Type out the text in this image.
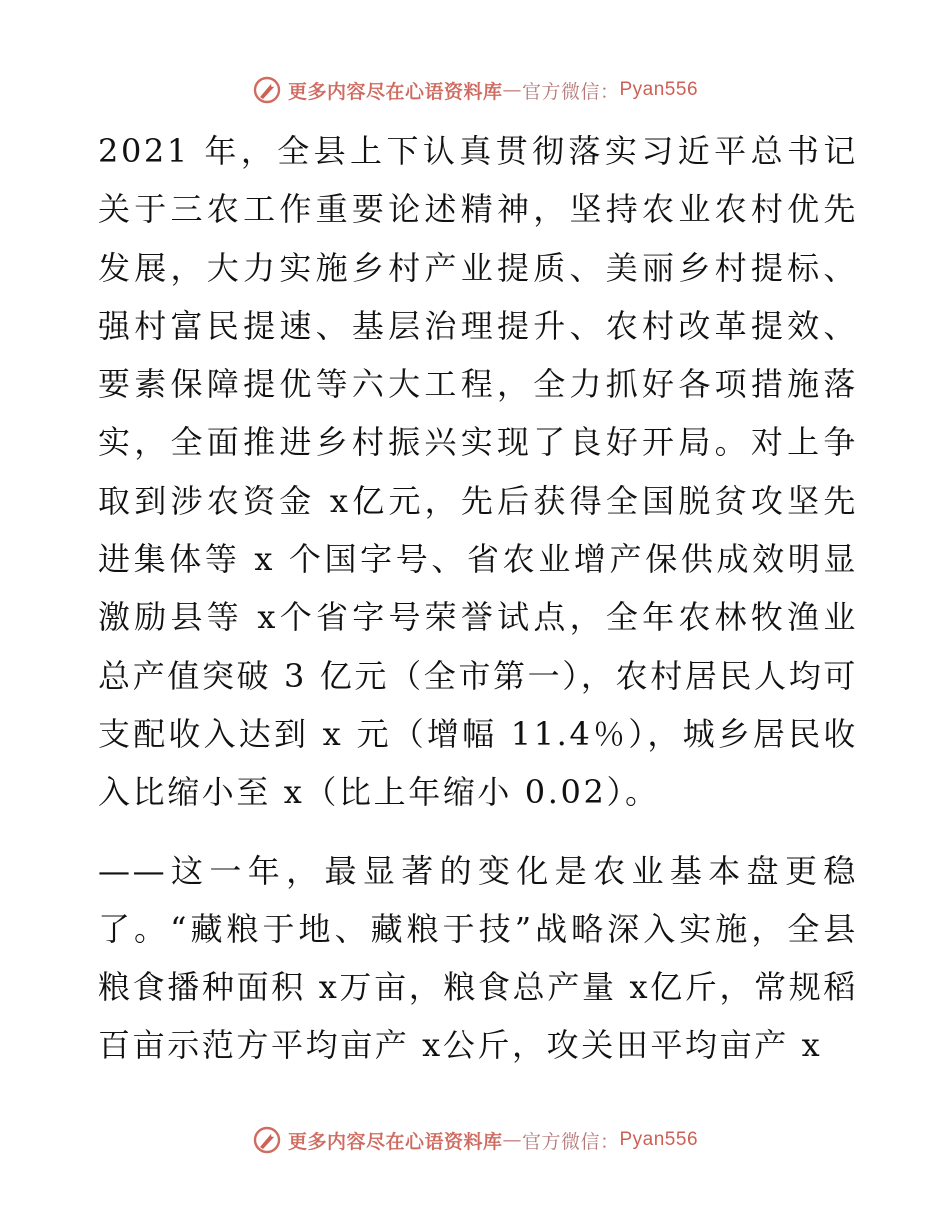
更多内容尽在心语资料库 — 官方微信： Pyan556

2021 年，全县上下认真贯彻落实习近平总书记关于三农工作重要论述精神，坚持农业农村优先发展，大力实施乡村产业提质、美丽乡村提标、强村富民提速、基层治理提升、农村改革提效、要素保障提优等六大工程，全力抓好各项措施落实，全面推进乡村振兴实现了良好开局。对上争取到涉农资金 x亿元，先后获得全国脱贫攻坚先进集体等 x 个国字号、省农业增产保供成效明显激励县等 x个省字号荣誉试点，全年农林牧渔业总产值突破 3 亿元（全市第一），农村居民人均可支配收入达到 x 元（增幅 11.4％），城乡居民收入比缩小至 x（比上年缩小 0.02）。

——这一年，最显著的变化是农业基本盘更稳了。“藏粮于地、藏粮于技”战略深入实施，全县粮食播种面积 x万亩，粮食总产量 x亿斤，常规稻百亩示范方平均亩产 x公斤，攻关田平均亩产 x

更多内容尽在心语资料库 — 官方微信： Pyan556
